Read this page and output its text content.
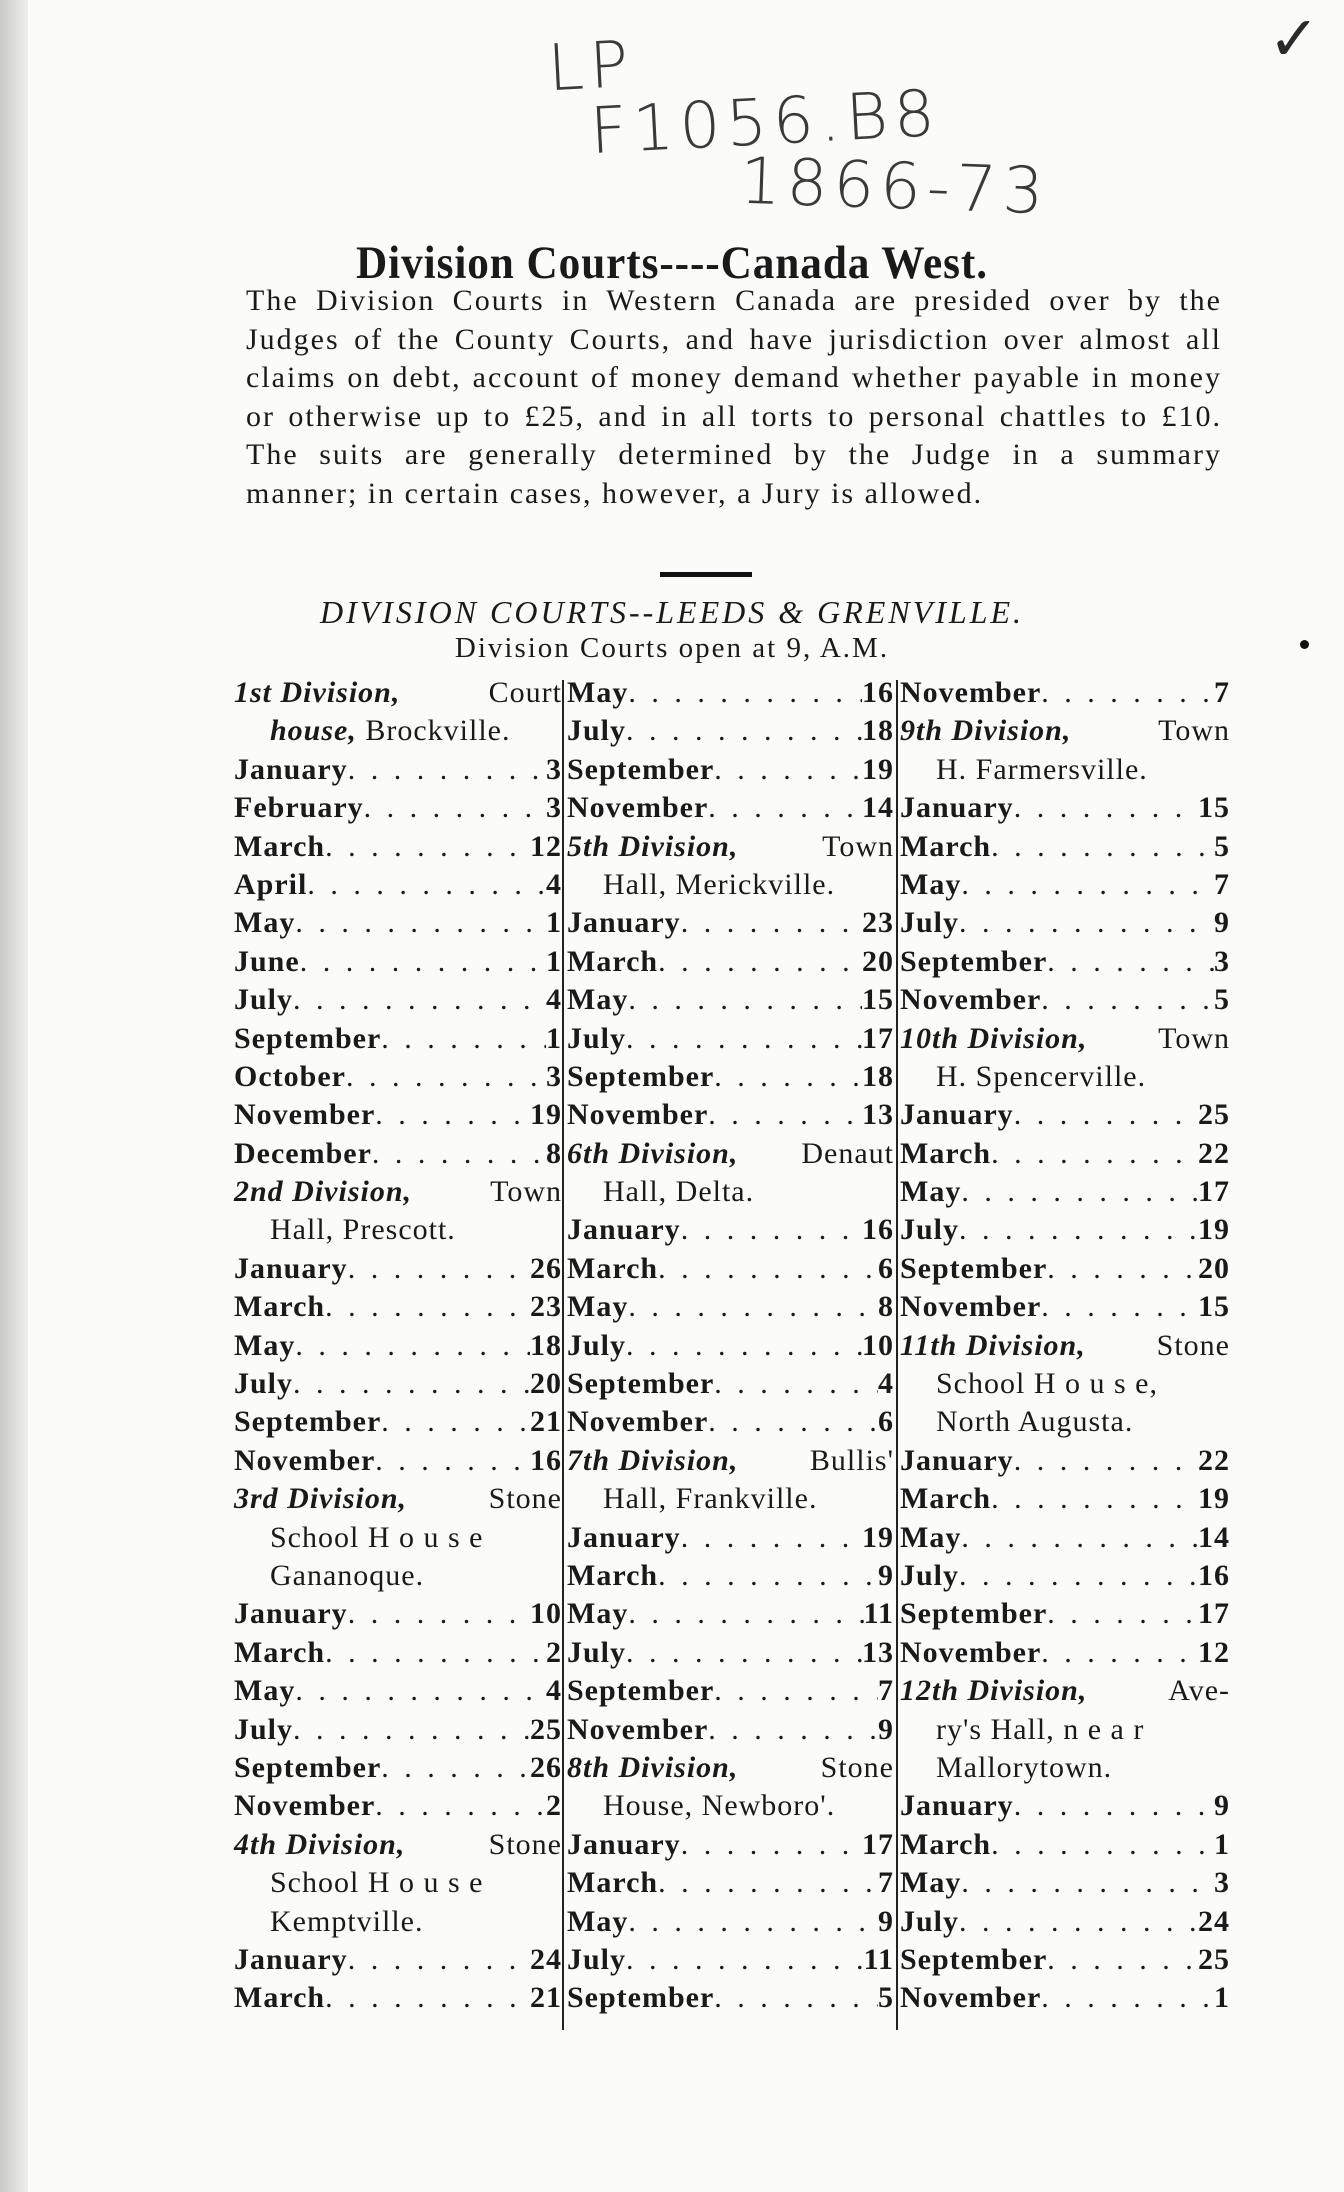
LP
F1056.B8
1866-73
✓
Division Courts----Canada West.
The Division Courts in Western Canada are presided over by the Judges of the County Courts, and have jurisdiction over almost all claims on debt, account of money demand whether payable in money or otherwise up to £25, and in all torts to personal chattles to £10. The suits are generally determined by the Judge in a summary manner; in certain cases, however, a Jury is allowed.
DIVISION COURTS--LEEDS & GRENVILLE.
Division Courts open at 9, A.M.
1st Division,	Court
house, Brockville.
January . . .	3
February . . .	3
March . . .	12
April . . .	4
May . . .	1
June . . .	1
July . . .	4
September . . .	1
October . . .	3
November . . .	19
December . . .	8
2nd Division,	Town
Hall, Prescott.
January . . .	26
March . . .	23
May . . .	18
July . . .	20
September . . .	21
November . . .	16
3rd Division,	Stone
School H o u s e
Gananoque.
January . . .	10
March . . .	2
May . . .	4
July . . .	25
September . . .	26
November . . .	2
4th Division,	Stone
School H o u s e
Kemptville.
January . . .	24
March . . .	21
May . . .	16
July . . .	18
September . . .	19
November . . .	14
5th Division,	Town
Hall, Merickville.
January . . .	23
March . . .	20
May . . .	15
July . . .	17
September . . .	18
November . . .	13
6th Division, Denaut
Hall, Delta.
January . . .	16
March . . .	6
May . . .	8
July . . .	10
September . . .	4
November . . .	6
7th Division, Bullis'
Hall, Frankville.
January . . .	19
March . . .	9
May . . .	11
July . . .	13
September . . .	7
November . . .	9
8th Division,	Stone
House, Newboro'.
January . . .	17
March . . .	7
May . . .	9
July . . .	11
September . . .	5
November . . .	7
9th Division,	Town
H. Farmersville.
January . . .	15
March . . .	5
May . . .	7
July . . .	9
September . . .	3
November . . .	5
10th Division, Town
H. Spencerville.
January . . .	25
March . . .	22
May . . .	17
July . . .	19
September . . .	20
November . . .	15
11th Division, Stone
School H o u s e,
North Augusta.
January . . .	22
March . . .	19
May . . .	14
July . . .	16
September . . .	17
November . . .	12
12th Division,	Ave-
ry's Hall, n e a r
Mallorytown.
January . . .	9
March . . .	1
May . . .	3
July . . .	24
September . . .	25
November . . .	1
